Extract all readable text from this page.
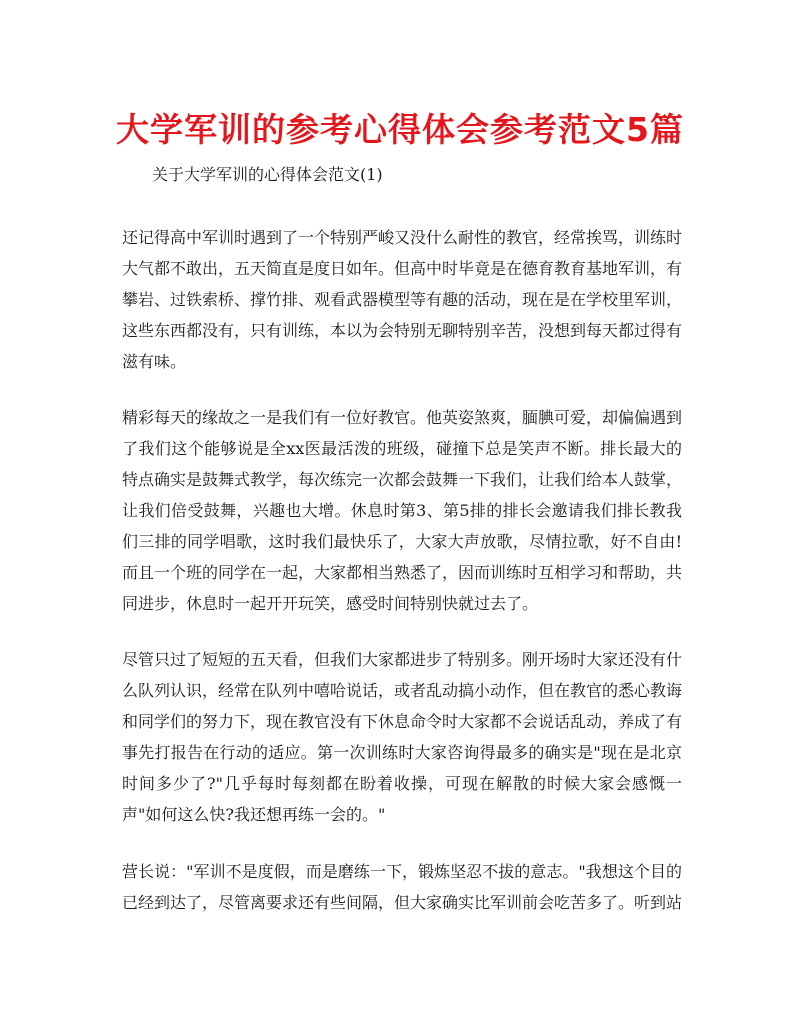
大学军训的参考心得体会参考范文5篇

关于大学军训的心得体会范文(1)

还记得高中军训时遇到了一个特别严峻又没什么耐性的教官，经常挨骂，训练时大气都不敢出，五天简直是度日如年。但高中时毕竟是在德育教育基地军训，有攀岩、过铁索桥、撑竹排、观看武器模型等有趣的活动，现在是在学校里军训，这些东西都没有，只有训练，本以为会特别无聊特别辛苦，没想到每天都过得有滋有味。

精彩每天的缘故之一是我们有一位好教官。他英姿煞爽，腼腆可爱，却偏偏遇到了我们这个能够说是全xx医最活泼的班级，碰撞下总是笑声不断。排长最大的特点确实是鼓舞式教学，每次练完一次都会鼓舞一下我们，让我们给本人鼓掌，让我们倍受鼓舞，兴趣也大增。休息时第3、第5排的排长会邀请我们排长教我们三排的同学唱歌，这时我们最快乐了，大家大声放歌，尽情拉歌，好不自由!而且一个班的同学在一起，大家都相当熟悉了，因而训练时互相学习和帮助，共同进步，休息时一起开开玩笑，感受时间特别快就过去了。

尽管只过了短短的五天看，但我们大家都进步了特别多。刚开场时大家还没有什么队列认识，经常在队列中嘻哈说话，或者乱动搞小动作，但在教官的悉心教诲和同学们的努力下，现在教官没有下休息命令时大家都不会说话乱动，养成了有事先打报告在行动的适应。第一次训练时大家咨询得最多的确实是"现在是北京时间多少了?"几乎每时每刻都在盼着收操，可现在解散的时候大家会感慨一声"如何这么快?我还想再练一会的。"

营长说："军训不是度假，而是磨练一下，锻炼坚忍不拔的意志。"我想这个目的已经到达了，尽管离要求还有些间隔，但大家确实比军训前会吃苦多了。听到站
